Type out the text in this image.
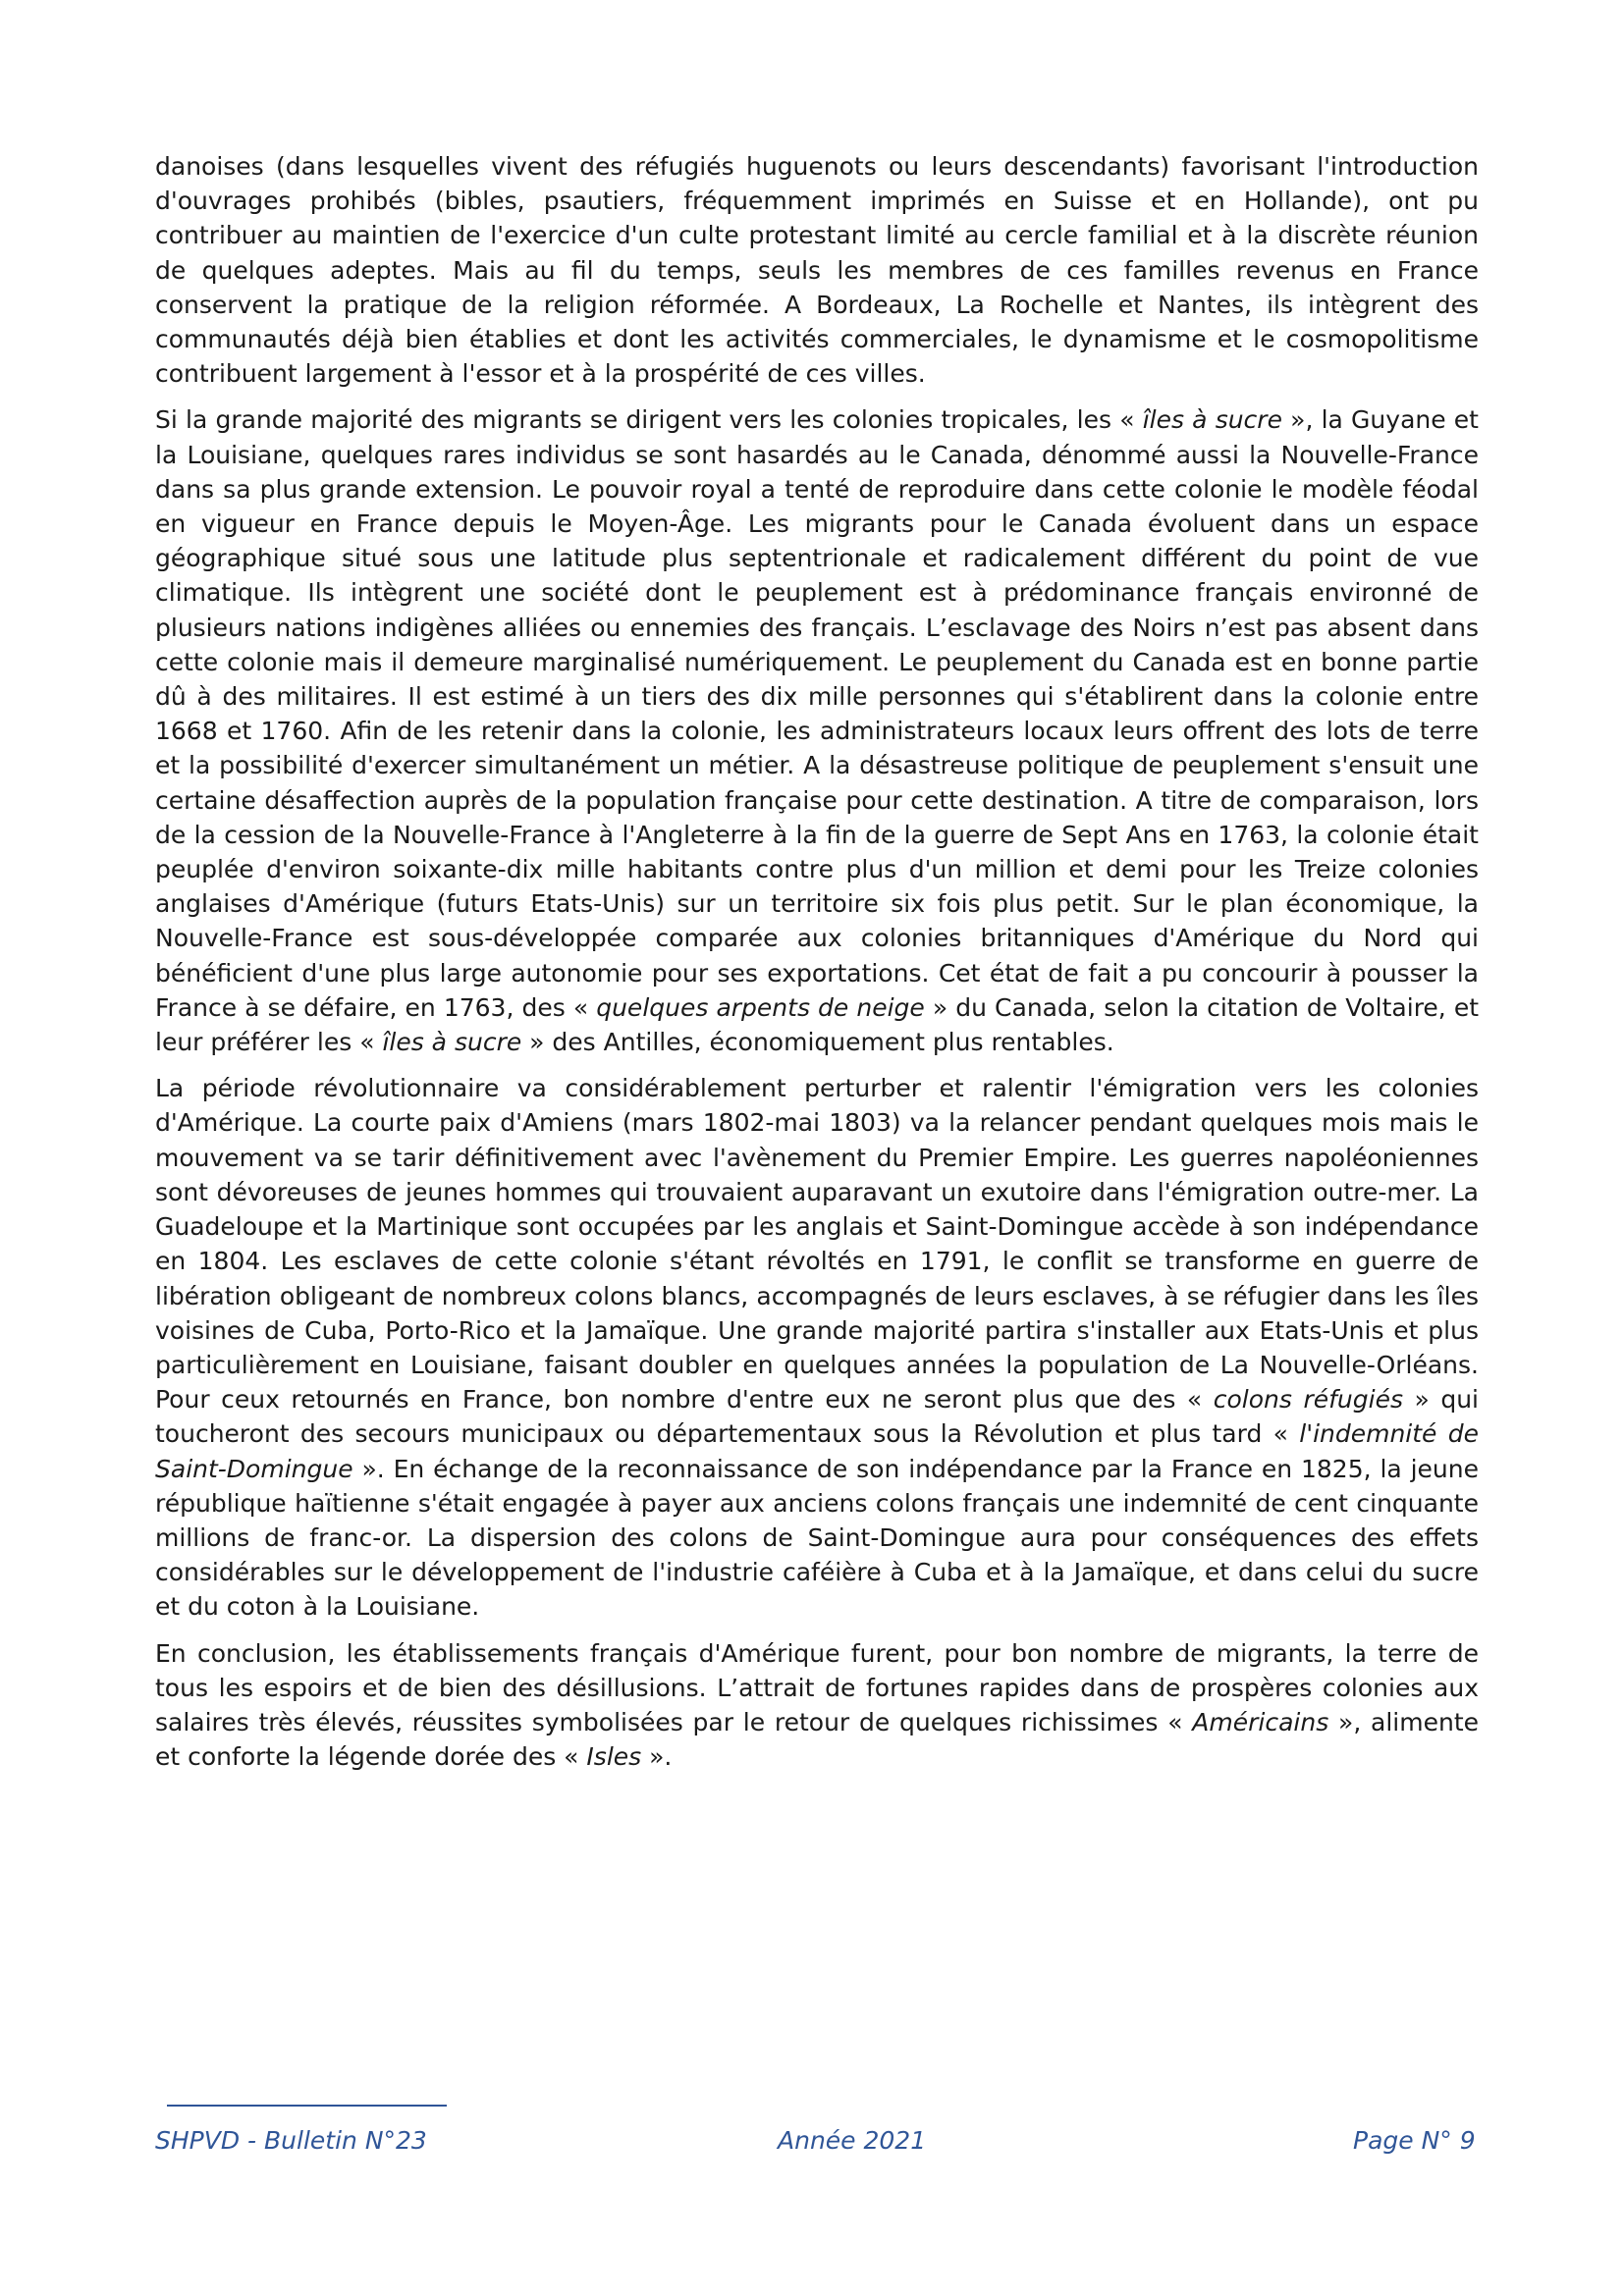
danoises (dans lesquelles vivent des réfugiés huguenots ou leurs descendants) favorisant l'introduction d'ouvrages prohibés (bibles, psautiers, fréquemment imprimés en Suisse et en Hollande), ont pu contribuer au maintien de l'exercice d'un culte protestant limité au cercle familial et à la discrète réunion de quelques adeptes. Mais au fil du temps, seuls les membres de ces familles revenus en France conservent la pratique de la religion réformée. A Bordeaux, La Rochelle et Nantes, ils intègrent des communautés déjà bien établies et dont les activités commerciales, le dynamisme et le cosmopolitisme contribuent largement à l'essor et à la prospérité de ces villes.

Si la grande majorité des migrants se dirigent vers les colonies tropicales, les « îles à sucre », la Guyane et la Louisiane, quelques rares individus se sont hasardés au le Canada, dénommé aussi la Nouvelle-France dans sa plus grande extension. Le pouvoir royal a tenté de reproduire dans cette colonie le modèle féodal en vigueur en France depuis le Moyen-Âge. Les migrants pour le Canada évoluent dans un espace géographique situé sous une latitude plus septentrionale et radicalement différent du point de vue climatique. Ils intègrent une société dont le peuplement est à prédominance français environné de plusieurs nations indigènes alliées ou ennemies des français. L’esclavage des Noirs n’est pas absent dans cette colonie mais il demeure marginalisé numériquement. Le peuplement du Canada est en bonne partie dû à des militaires. Il est estimé à un tiers des dix mille personnes qui s'établirent dans la colonie entre 1668 et 1760. Afin de les retenir dans la colonie, les administrateurs locaux leurs offrent des lots de terre et la possibilité d'exercer simultanément un métier. A la désastreuse politique de peuplement s'ensuit une certaine désaffection auprès de la population française pour cette destination. A titre de comparaison, lors de la cession de la Nouvelle-France à l'Angleterre à la fin de la guerre de Sept Ans en 1763, la colonie était peuplée d'environ soixante-dix mille habitants contre plus d'un million et demi pour les Treize colonies anglaises d'Amérique (futurs Etats-Unis) sur un territoire six fois plus petit. Sur le plan économique, la Nouvelle-France est sous-développée comparée aux colonies britanniques d'Amérique du Nord qui bénéficient d'une plus large autonomie pour ses exportations. Cet état de fait a pu concourir à pousser la France à se défaire, en 1763, des « quelques arpents de neige » du Canada, selon la citation de Voltaire, et leur préférer les « îles à sucre » des Antilles, économiquement plus rentables.

La période révolutionnaire va considérablement perturber et ralentir l'émigration vers les colonies d'Amérique. La courte paix d'Amiens (mars 1802-mai 1803) va la relancer pendant quelques mois mais le mouvement va se tarir définitivement avec l'avènement du Premier Empire. Les guerres napoléoniennes sont dévoreuses de jeunes hommes qui trouvaient auparavant un exutoire dans l'émigration outre-mer. La Guadeloupe et la Martinique sont occupées par les anglais et Saint-Domingue accède à son indépendance en 1804. Les esclaves de cette colonie s'étant révoltés en 1791, le conflit se transforme en guerre de libération obligeant de nombreux colons blancs, accompagnés de leurs esclaves, à se réfugier dans les îles voisines de Cuba, Porto-Rico et la Jamaïque. Une grande majorité partira s'installer aux Etats-Unis et plus particulièrement en Louisiane, faisant doubler en quelques années la population de La Nouvelle-Orléans. Pour ceux retournés en France, bon nombre d'entre eux ne seront plus que des « colons réfugiés » qui toucheront des secours municipaux ou départementaux sous la Révolution et plus tard « l'indemnité de Saint-Domingue ». En échange de la reconnaissance de son indépendance par la France en 1825, la jeune république haïtienne s'était engagée à payer aux anciens colons français une indemnité de cent cinquante millions de franc-or. La dispersion des colons de Saint-Domingue aura pour conséquences des effets considérables sur le développement de l'industrie caféière à Cuba et à la Jamaïque, et dans celui du sucre et du coton à la Louisiane.

En conclusion, les établissements français d'Amérique furent, pour bon nombre de migrants, la terre de tous les espoirs et de bien des désillusions. L’attrait de fortunes rapides dans de prospères colonies aux salaires très élevés, réussites symbolisées par le retour de quelques richissimes « Américains », alimente et conforte la légende dorée des « Isles ».

SHPVD - Bulletin N°23	Année 2021	Page N° 9
